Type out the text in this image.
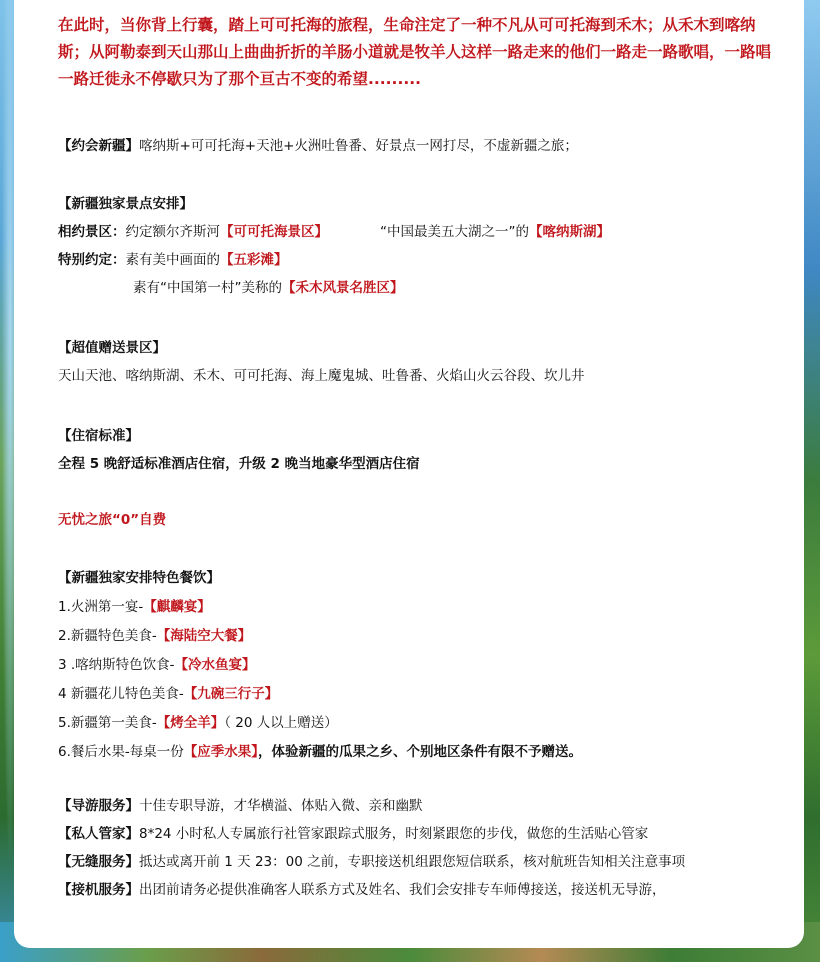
在此时，当你背上行囊，踏上可可托海的旅程，生命注定了一种不凡从可可托海到禾木；从禾木到喀纳斯；从阿勒泰到天山那山上曲曲折折的羊肠小道就是牧羊人这样一路走来的他们一路走一路歌唱，一路唱一路迁徙永不停歇只为了那个亘古不变的希望.........

【约会新疆】喀纳斯+可可托海+天池+火洲吐鲁番、好景点一网打尽，不虚新疆之旅；
【新疆独家景点安排】
相约景区：约定额尔齐斯河【可可托海景区】	“中国最美五大湖之一”的【喀纳斯湖】
特别约定：素有美中画面的【五彩滩】
素有“中国第一村”美称的【禾木风景名胜区】
【超值赠送景区】
天山天池、喀纳斯湖、禾木、可可托海、海上魔鬼城、吐鲁番、火焰山火云谷段、坎儿井
【住宿标准】
全程 5 晚舒适标准酒店住宿，升级 2 晚当地豪华型酒店住宿
无忧之旅“0”自费
【新疆独家安排特色餐饮】
1.火洲第一宴-【麒麟宴】
2.新疆特色美食-【海陆空大餐】
3 .喀纳斯特色饮食-【冷水鱼宴】
4 新疆花儿特色美食-【九碗三行子】
5.新疆第一美食-【烤全羊】（ 20 人以上赠送）
6.餐后水果-每桌一份【应季水果】，体验新疆的瓜果之乡、个别地区条件有限不予赠送。
【导游服务】十佳专职导游，才华横溢、体贴入微、亲和幽默
【私人管家】8*24 小时私人专属旅行社管家跟踪式服务，时刻紧跟您的步伐，做您的生活贴心管家
【无缝服务】抵达或离开前 1 天 23：00 之前，专职接送机组跟您短信联系，核对航班告知相关注意事项
【接机服务】出团前请务必提供准确客人联系方式及姓名、我们会安排专车师傅接送，接送机无导游，
